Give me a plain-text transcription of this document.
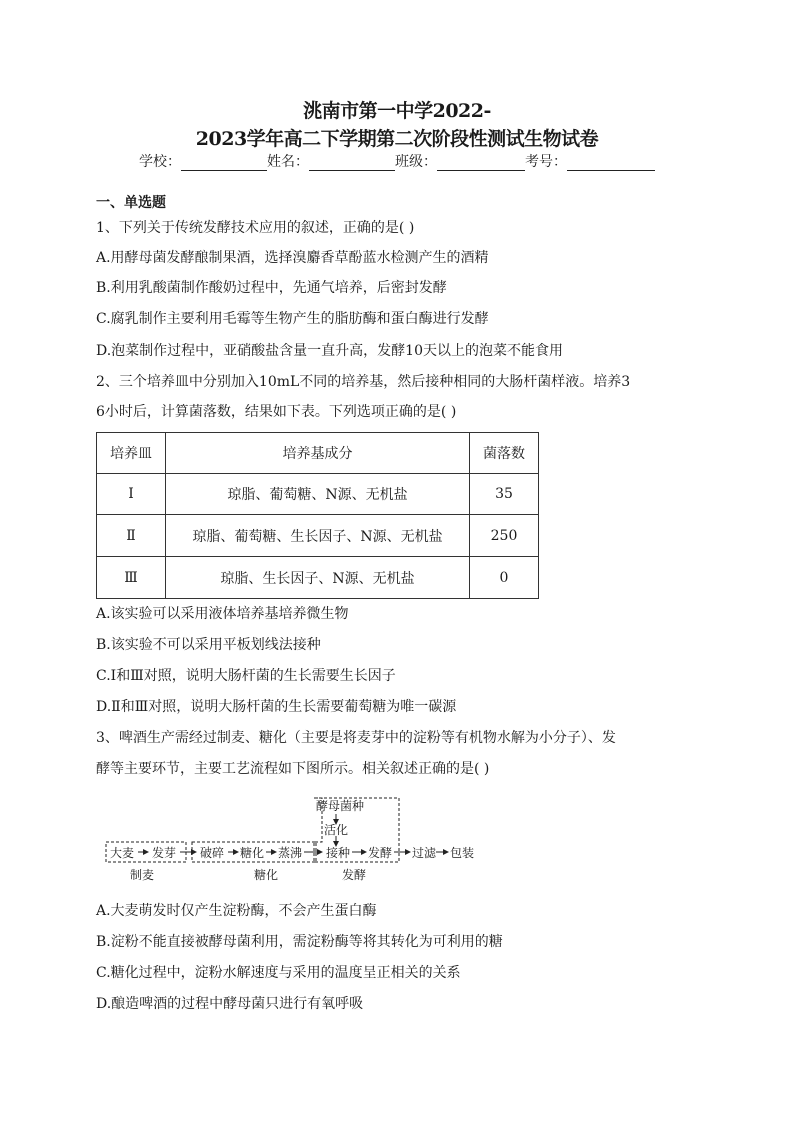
洮南市第一中学2022-
2023学年高二下学期第二次阶段性测试生物试卷
学校：	姓名：	班级：	考号：
一、单选题
1、下列关于传统发酵技术应用的叙述，正确的是( )
A.用酵母菌发酵酿制果酒，选择溴麝香草酚蓝水检测产生的酒精
B.利用乳酸菌制作酸奶过程中，先通气培养，后密封发酵
C.腐乳制作主要利用毛霉等生物产生的脂肪酶和蛋白酶进行发酵
D.泡菜制作过程中，亚硝酸盐含量一直升高，发酵10天以上的泡菜不能食用
2、三个培养皿中分别加入10mL不同的培养基，然后接种相同的大肠杆菌样液。培养3
6小时后，计算菌落数，结果如下表。下列选项正确的是( )
培养皿	培养基成分	菌落数
Ⅰ	琼脂、葡萄糖、N源、无机盐	35
Ⅱ	琼脂、葡萄糖、生长因子、N源、无机盐	250
Ⅲ	琼脂、生长因子、N源、无机盐	0
A.该实验可以采用液体培养基培养微生物
B.该实验不可以采用平板划线法接种
C.Ⅰ和Ⅲ对照，说明大肠杆菌的生长需要生长因子
D.Ⅱ和Ⅲ对照，说明大肠杆菌的生长需要葡萄糖为唯一碳源
3、啤酒生产需经过制麦、糖化（主要是将麦芽中的淀粉等有机物水解为小分子）、发
酵等主要环节，主要工艺流程如下图所示。相关叙述正确的是( )
酵母菌种
活化
大麦 发芽 破碎 糖化 蒸沸 接种 发酵 过滤 包装
制麦	糖化	发酵
A.大麦萌发时仅产生淀粉酶，不会产生蛋白酶
B.淀粉不能直接被酵母菌利用，需淀粉酶等将其转化为可利用的糖
C.糖化过程中，淀粉水解速度与采用的温度呈正相关的关系
D.酿造啤酒的过程中酵母菌只进行有氧呼吸
